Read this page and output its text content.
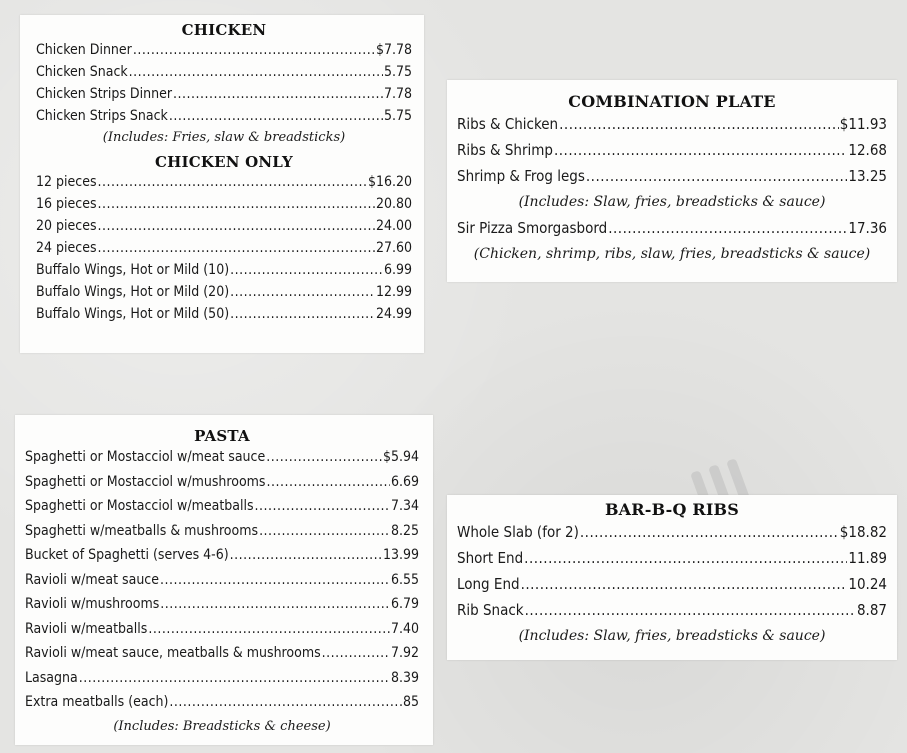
CHICKEN
Chicken Dinner .....	$7.78
Chicken Snack .....	5.75
Chicken Strips Dinner .....	7.78
Chicken Strips Snack .....	5.75
(Includes: Fries, slaw & breadsticks)
CHICKEN ONLY
12 pieces .....	$16.20
16 pieces .....	20.80
20 pieces .....	24.00
24 pieces .....	27.60
Buffalo Wings, Hot or Mild (10) .....	6.99
Buffalo Wings, Hot or Mild (20) .....	12.99
Buffalo Wings, Hot or Mild (50) .....	24.99
COMBINATION PLATE
Ribs & Chicken .....	$11.93
Ribs & Shrimp .....	12.68
Shrimp & Frog legs .....	13.25
(Includes: Slaw, fries, breadsticks & sauce)
Sir Pizza Smorgasbord .....	17.36
(Chicken, shrimp, ribs, slaw, fries, breadsticks & sauce)
PASTA
Spaghetti or Mostacciol w/meat sauce .....	$5.94
Spaghetti or Mostacciol w/mushrooms .....	6.69
Spaghetti or Mostacciol w/meatballs .....	7.34
Spaghetti w/meatballs & mushrooms .....	8.25
Bucket of Spaghetti (serves 4-6) .....	13.99
Ravioli w/meat sauce .....	6.55
Ravioli w/mushrooms .....	6.79
Ravioli w/meatballs .....	7.40
Ravioli w/meat sauce, meatballs & mushrooms .....	7.92
Lasagna .....	8.39
Extra meatballs (each) .....	.85
(Includes: Breadsticks & cheese)
BAR-B-Q RIBS
Whole Slab (for 2) .....	$18.82
Short End .....	11.89
Long End .....	10.24
Rib Snack .....	8.87
(Includes: Slaw, fries, breadsticks & sauce)
